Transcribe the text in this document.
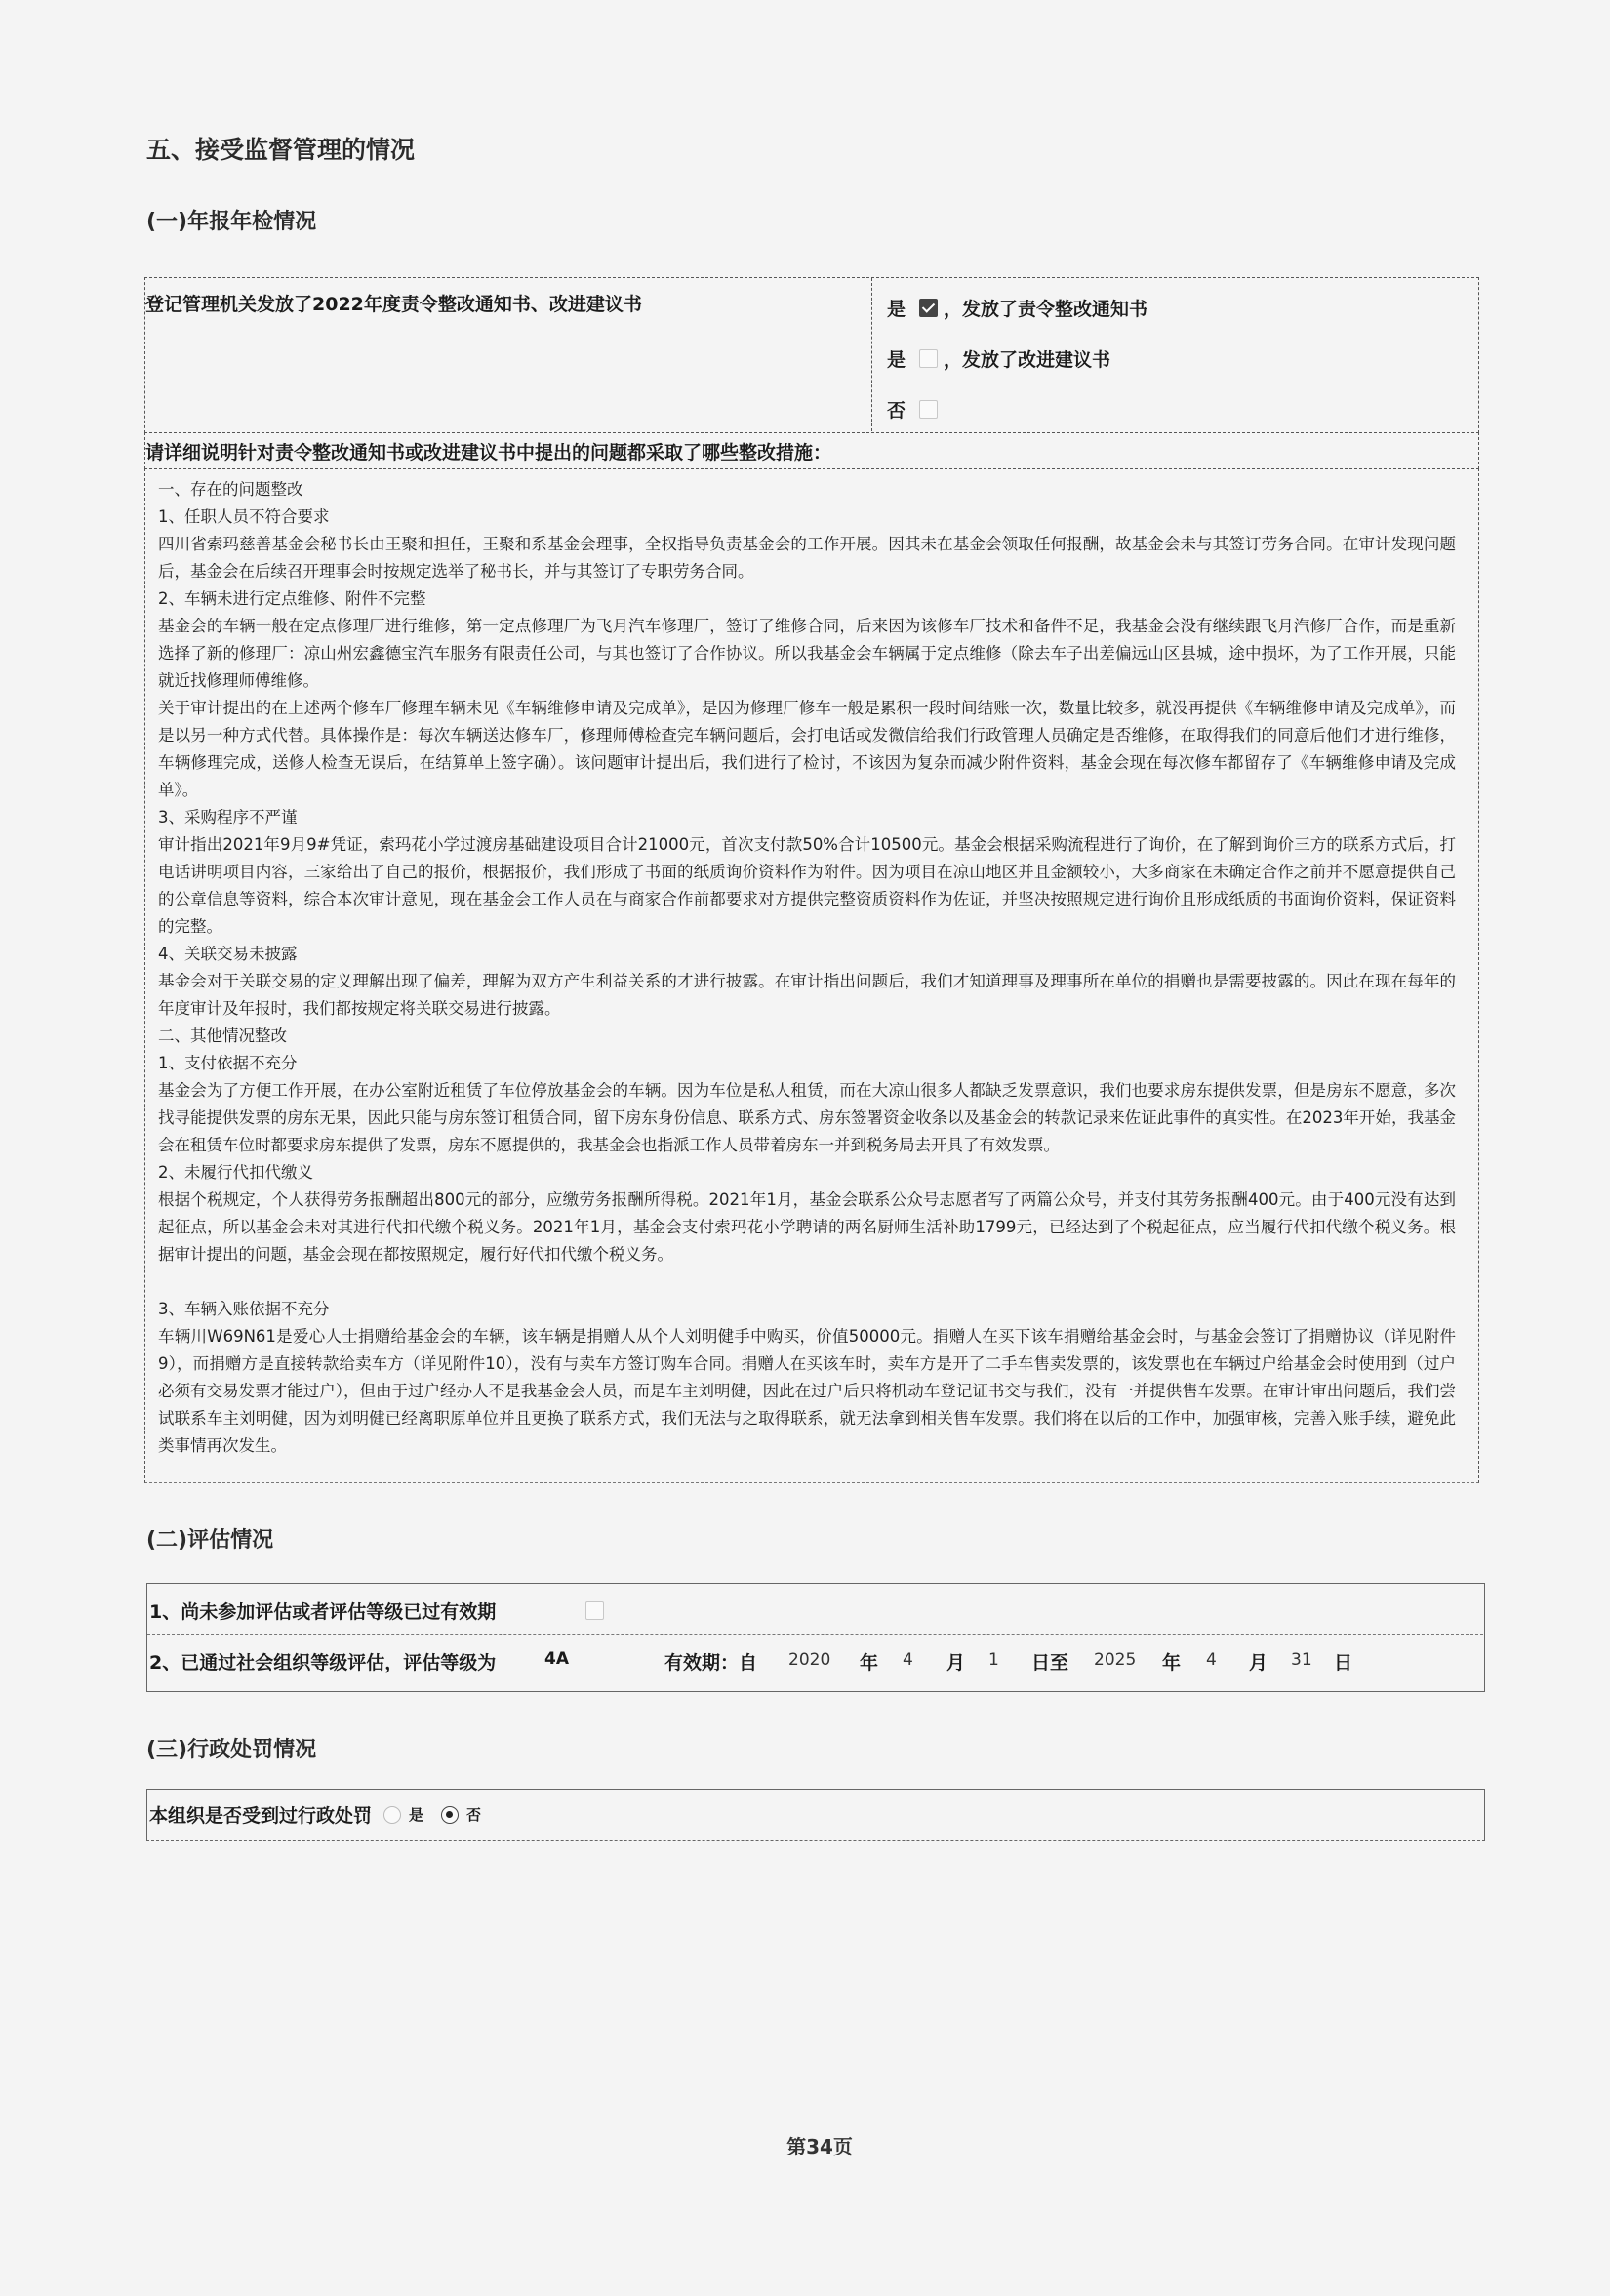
五、接受监督管理的情况
(一)年报年检情况
登记管理机关发放了2022年度责令整改通知书、改进建议书	是 ，发放了责令整改通知书
是 ，发放了改进建议书
否
请详细说明针对责令整改通知书或改进建议书中提出的问题都采取了哪些整改措施：

一、存在的问题整改

1、任职人员不符合要求

四川省索玛慈善基金会秘书长由王聚和担任，王聚和系基金会理事，全权指导负责基金会的工作开展。因其未在基金会领取任何报酬，故基金会未与其签订劳务合同。在审计发现问题后，基金会在后续召开理事会时按规定选举了秘书长，并与其签订了专职劳务合同。

2、车辆未进行定点维修、附件不完整

基金会的车辆一般在定点修理厂进行维修，第一定点修理厂为飞月汽车修理厂，签订了维修合同，后来因为该修车厂技术和备件不足，我基金会没有继续跟飞月汽修厂合作，而是重新选择了新的修理厂：凉山州宏鑫德宝汽车服务有限责任公司，与其也签订了合作协议。所以我基金会车辆属于定点维修（除去车子出差偏远山区县城，途中损坏，为了工作开展，只能就近找修理师傅维修。

关于审计提出的在上述两个修车厂修理车辆未见《车辆维修申请及完成单》，是因为修理厂修车一般是累积一段时间结账一次，数量比较多，就没再提供《车辆维修申请及完成单》，而是以另一种方式代替。具体操作是：每次车辆送达修车厂，修理师傅检查完车辆问题后，会打电话或发微信给我们行政管理人员确定是否维修，在取得我们的同意后他们才进行维修，车辆修理完成，送修人检查无误后，在结算单上签字确）。该问题审计提出后，我们进行了检讨，不该因为复杂而减少附件资料，基金会现在每次修车都留存了《车辆维修申请及完成单》。

3、采购程序不严谨

审计指出2021年9月9#凭证，索玛花小学过渡房基础建设项目合计21000元，首次支付款50%合计10500元。基金会根据采购流程进行了询价，在了解到询价三方的联系方式后，打电话讲明项目内容，三家给出了自己的报价，根据报价，我们形成了书面的纸质询价资料作为附件。因为项目在凉山地区并且金额较小，大多商家在未确定合作之前并不愿意提供自己的公章信息等资料，综合本次审计意见，现在基金会工作人员在与商家合作前都要求对方提供完整资质资料作为佐证，并坚决按照规定进行询价且形成纸质的书面询价资料，保证资料的完整。

4、关联交易未披露

基金会对于关联交易的定义理解出现了偏差，理解为双方产生利益关系的才进行披露。在审计指出问题后，我们才知道理事及理事所在单位的捐赠也是需要披露的。因此在现在每年的年度审计及年报时，我们都按规定将关联交易进行披露。

二、其他情况整改

1、支付依据不充分

基金会为了方便工作开展，在办公室附近租赁了车位停放基金会的车辆。因为车位是私人租赁，而在大凉山很多人都缺乏发票意识，我们也要求房东提供发票，但是房东不愿意，多次找寻能提供发票的房东无果，因此只能与房东签订租赁合同，留下房东身份信息、联系方式、房东签署资金收条以及基金会的转款记录来佐证此事件的真实性。在2023年开始，我基金会在租赁车位时都要求房东提供了发票，房东不愿提供的，我基金会也指派工作人员带着房东一并到税务局去开具了有效发票。

2、未履行代扣代缴义

根据个税规定，个人获得劳务报酬超出800元的部分，应缴劳务报酬所得税。2021年1月，基金会联系公众号志愿者写了两篇公众号，并支付其劳务报酬400元。由于400元没有达到起征点，所以基金会未对其进行代扣代缴个税义务。2021年1月，基金会支付索玛花小学聘请的两名厨师生活补助1799元，已经达到了个税起征点，应当履行代扣代缴个税义务。根据审计提出的问题，基金会现在都按照规定，履行好代扣代缴个税义务。

3、车辆入账依据不充分

车辆川W69N61是爱心人士捐赠给基金会的车辆，该车辆是捐赠人从个人刘明健手中购买，价值50000元。捐赠人在买下该车捐赠给基金会时，与基金会签订了捐赠协议（详见附件9），而捐赠方是直接转款给卖车方（详见附件10），没有与卖车方签订购车合同。捐赠人在买该车时，卖车方是开了二手车售卖发票的，该发票也在车辆过户给基金会时使用到（过户必须有交易发票才能过户），但由于过户经办人不是我基金会人员，而是车主刘明健，因此在过户后只将机动车登记证书交与我们，没有一并提供售车发票。在审计审出问题后，我们尝试联系车主刘明健，因为刘明健已经离职原单位并且更换了联系方式，我们无法与之取得联系，就无法拿到相关售车发票。我们将在以后的工作中，加强审核，完善入账手续，避免此类事情再次发生。

(二)评估情况
1、尚未参加评估或者评估等级已过有效期
2、已通过社会组织等级评估，评估等级为	4A	有效期：自 2020 年 4 月 1 日至 2025 年 4 月 31 日
(三)行政处罚情况
本组织是否受到过行政处罚	是	否
第34页
